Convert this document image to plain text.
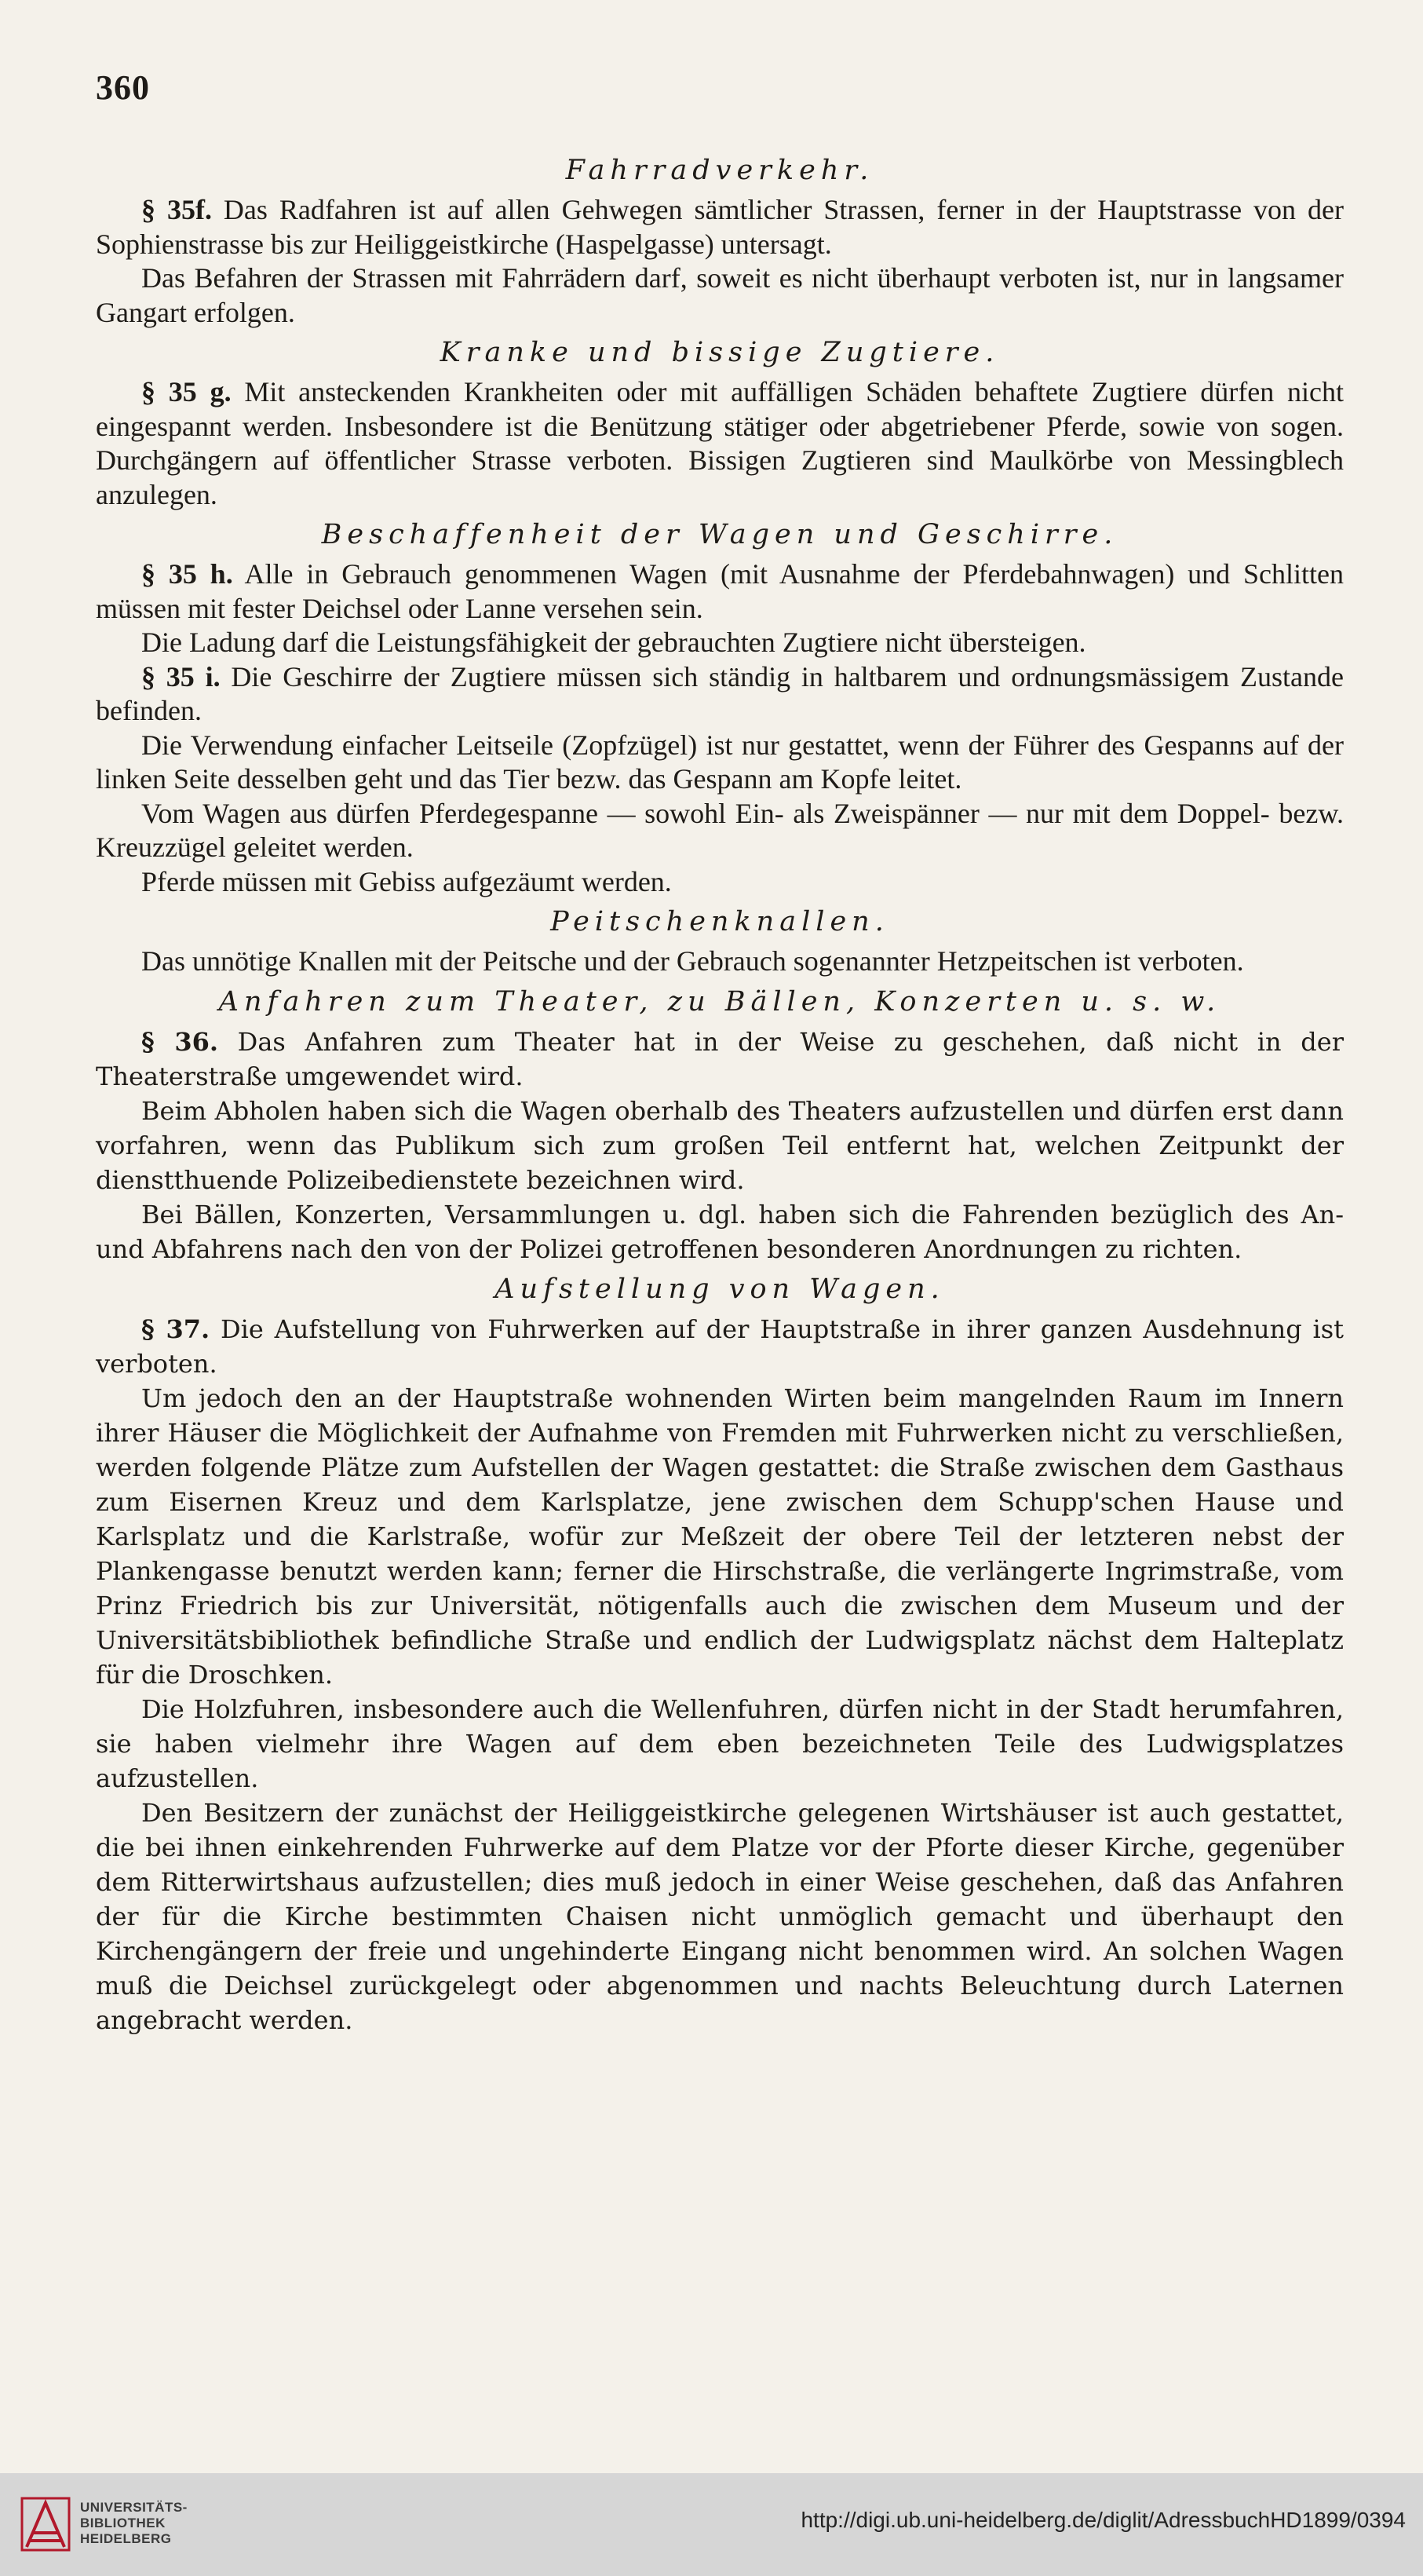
360
Fahrradverkehr.

§ 35f. Das Radfahren ist auf allen Gehwegen sämtlicher Strassen, ferner in der Hauptstrasse von der Sophienstrasse bis zur Heiliggeistkirche (Haspelgasse) untersagt.

Das Befahren der Strassen mit Fahrrädern darf, soweit es nicht überhaupt verboten ist, nur in langsamer Gangart erfolgen.

Kranke und bissige Zugtiere.

§ 35 g. Mit ansteckenden Krankheiten oder mit auffälligen Schäden behaftete Zugtiere dürfen nicht eingespannt werden. Insbesondere ist die Benützung stätiger oder abgetriebener Pferde, sowie von sogen. Durchgängern auf öffentlicher Strasse verboten. Bissigen Zugtieren sind Maulkörbe von Messingblech anzulegen.

Beschaffenheit der Wagen und Geschirre.

§ 35 h. Alle in Gebrauch genommenen Wagen (mit Ausnahme der Pferdebahnwagen) und Schlitten müssen mit fester Deichsel oder Lanne versehen sein.

Die Ladung darf die Leistungsfähigkeit der gebrauchten Zugtiere nicht übersteigen.

§ 35 i. Die Geschirre der Zugtiere müssen sich ständig in haltbarem und ordnungsmässigem Zustande befinden.

Die Verwendung einfacher Leitseile (Zopfzügel) ist nur gestattet, wenn der Führer des Gespanns auf der linken Seite desselben geht und das Tier bezw. das Gespann am Kopfe leitet.

Vom Wagen aus dürfen Pferdegespanne — sowohl Ein- als Zweispänner — nur mit dem Doppel- bezw. Kreuzzügel geleitet werden.

Pferde müssen mit Gebiss aufgezäumt werden.

Peitschenknallen.

Das unnötige Knallen mit der Peitsche und der Gebrauch sogenannter Hetzpeitschen ist verboten.

Anfahren zum Theater, zu Bällen, Konzerten u. s. w.

§ 36. Das Anfahren zum Theater hat in der Weise zu geschehen, daß nicht in der Theaterstraße umgewendet wird.

Beim Abholen haben sich die Wagen oberhalb des Theaters aufzustellen und dürfen erst dann vorfahren, wenn das Publikum sich zum großen Teil entfernt hat, welchen Zeitpunkt der dienstthuende Polizeibedienstete bezeichnen wird.

Bei Bällen, Konzerten, Versammlungen u. dgl. haben sich die Fahrenden bezüglich des An- und Abfahrens nach den von der Polizei getroffenen besonderen Anordnungen zu richten.

Aufstellung von Wagen.

§ 37. Die Aufstellung von Fuhrwerken auf der Hauptstraße in ihrer ganzen Ausdehnung ist verboten.

Um jedoch den an der Hauptstraße wohnenden Wirten beim mangelnden Raum im Innern ihrer Häuser die Möglichkeit der Aufnahme von Fremden mit Fuhrwerken nicht zu verschließen, werden folgende Plätze zum Aufstellen der Wagen gestattet: die Straße zwischen dem Gasthaus zum Eisernen Kreuz und dem Karlsplatze, jene zwischen dem Schupp'schen Hause und Karlsplatz und die Karlstraße, wofür zur Meßzeit der obere Teil der letzteren nebst der Plankengasse benutzt werden kann; ferner die Hirschstraße, die verlängerte Ingrimstraße, vom Prinz Friedrich bis zur Universität, nötigenfalls auch die zwischen dem Museum und der Universitätsbibliothek befindliche Straße und endlich der Ludwigsplatz nächst dem Halteplatz für die Droschken.

Die Holzfuhren, insbesondere auch die Wellenfuhren, dürfen nicht in der Stadt herumfahren, sie haben vielmehr ihre Wagen auf dem eben bezeichneten Teile des Ludwigsplatzes aufzustellen.

Den Besitzern der zunächst der Heiliggeistkirche gelegenen Wirtshäuser ist auch gestattet, die bei ihnen einkehrenden Fuhrwerke auf dem Platze vor der Pforte dieser Kirche, gegenüber dem Ritterwirtshaus aufzustellen; dies muß jedoch in einer Weise geschehen, daß das Anfahren der für die Kirche bestimmten Chaisen nicht unmöglich gemacht und überhaupt den Kirchengängern der freie und ungehinderte Eingang nicht benommen wird. An solchen Wagen muß die Deichsel zurückgelegt oder abgenommen und nachts Beleuchtung durch Laternen angebracht werden.

UNIVERSITÄTS-
BIBLIOTHEK
HEIDELBERG
http://digi.ub.uni-heidelberg.de/diglit/AdressbuchHD1899/0394
